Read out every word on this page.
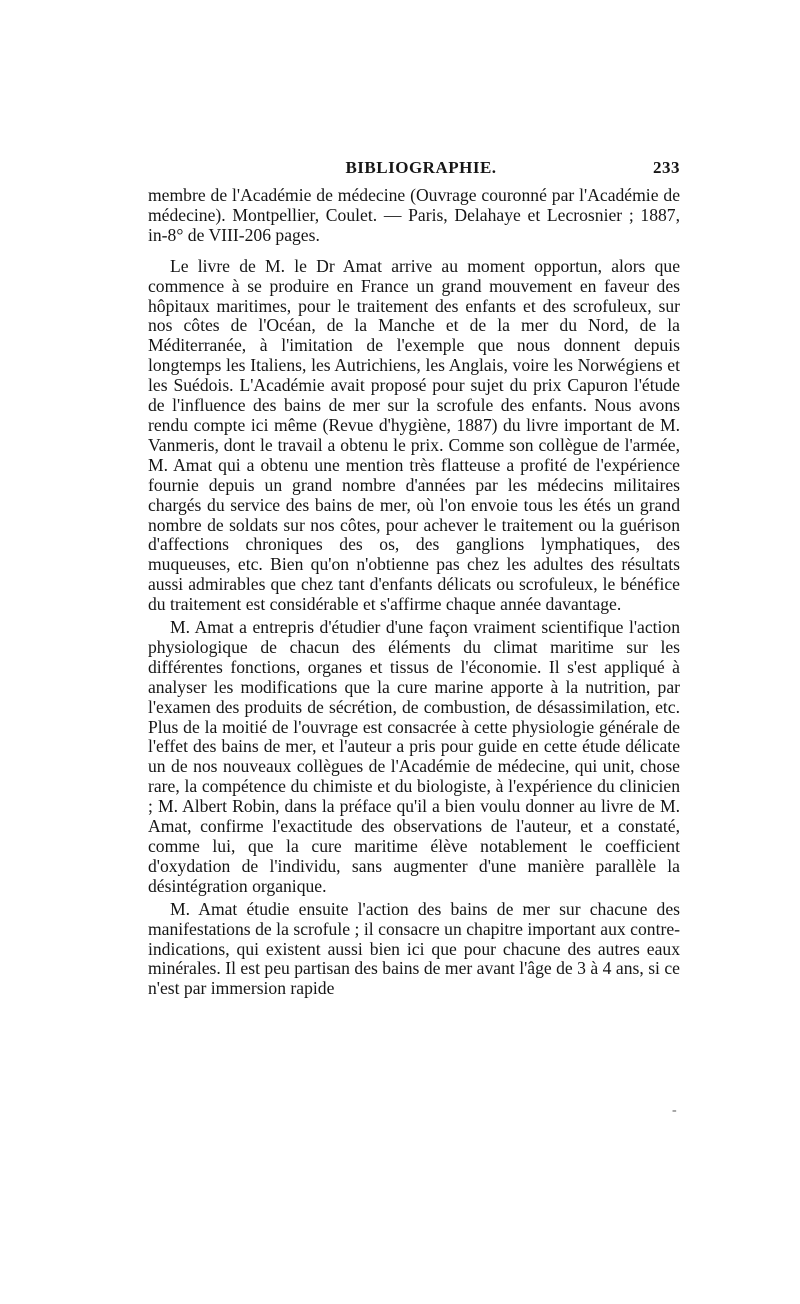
BIBLIOGRAPHIE.	233

membre de l'Académie de médecine (Ouvrage couronné par l'Académie de médecine). Montpellier, Coulet. — Paris, Delahaye et Lecrosnier ; 1887, in-8° de VIII-206 pages.

Le livre de M. le Dr Amat arrive au moment opportun, alors que commence à se produire en France un grand mouvement en faveur des hôpitaux maritimes, pour le traitement des enfants et des scrofuleux, sur nos côtes de l'Océan, de la Manche et de la mer du Nord, de la Méditerranée, à l'imitation de l'exemple que nous donnent depuis longtemps les Italiens, les Autrichiens, les Anglais, voire les Norwégiens et les Suédois. L'Académie avait proposé pour sujet du prix Capuron l'étude de l'influence des bains de mer sur la scrofule des enfants. Nous avons rendu compte ici même (Revue d'hygiène, 1887) du livre important de M. Vanmeris, dont le travail a obtenu le prix. Comme son collègue de l'armée, M. Amat qui a obtenu une mention très flatteuse a profité de l'expérience fournie depuis un grand nombre d'années par les médecins militaires chargés du service des bains de mer, où l'on envoie tous les étés un grand nombre de soldats sur nos côtes, pour achever le traitement ou la guérison d'affections chroniques des os, des ganglions lymphatiques, des muqueuses, etc. Bien qu'on n'obtienne pas chez les adultes des résultats aussi admirables que chez tant d'enfants délicats ou scrofuleux, le bénéfice du traitement est considérable et s'affirme chaque année davantage.

M. Amat a entrepris d'étudier d'une façon vraiment scientifique l'action physiologique de chacun des éléments du climat maritime sur les différentes fonctions, organes et tissus de l'économie. Il s'est appliqué à analyser les modifications que la cure marine apporte à la nutrition, par l'examen des produits de sécrétion, de combustion, de désassimilation, etc. Plus de la moitié de l'ouvrage est consacrée à cette physiologie générale de l'effet des bains de mer, et l'auteur a pris pour guide en cette étude délicate un de nos nouveaux collègues de l'Académie de médecine, qui unit, chose rare, la compétence du chimiste et du biologiste, à l'expérience du clinicien ; M. Albert Robin, dans la préface qu'il a bien voulu donner au livre de M. Amat, confirme l'exactitude des observations de l'auteur, et a constaté, comme lui, que la cure maritime élève notablement le coefficient d'oxydation de l'individu, sans augmenter d'une manière parallèle la désintégration organique.

M. Amat étudie ensuite l'action des bains de mer sur chacune des manifestations de la scrofule ; il consacre un chapitre important aux contre-indications, qui existent aussi bien ici que pour chacune des autres eaux minérales. Il est peu partisan des bains de mer avant l'âge de 3 à 4 ans, si ce n'est par immersion rapide

-
